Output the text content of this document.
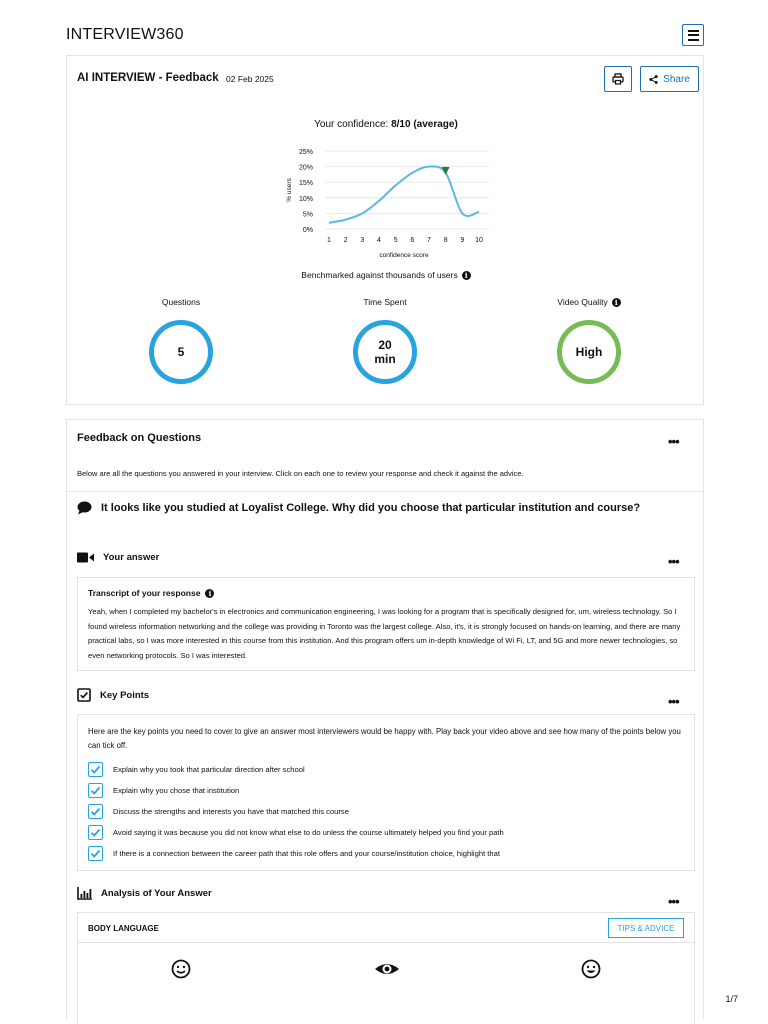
INTERVIEW360
AI INTERVIEW - Feedback 02 Feb 2025	Share
Your confidence: 8/10 (average)
0%
5%
10%
15%
20%
25%
1 2 3 4 5 6 7 8 9 10
confidence score
% users
Benchmarked against thousands of users	i
Questions
5
Time Spent
20
min
Video Quality	i
High
Feedback on Questions	•••
Below are all the questions you answered in your interview. Click on each one to review your response and check it against the advice.
It looks like you studied at Loyalist College. Why did you choose that particular institution and course?
Your answer	•••
Transcript of your response	i
Yeah, when I completed my bachelor's in electronics and communication engineering, I was looking for a program that is specifically designed for, um, wireless technology. So I found wireless information networking and the college was providing in Toronto was the largest college. Also, it's, it is strongly focused on hands-on learning, and there are many practical labs, so I was more interested in this course from this institution. And this program offers um in-depth knowledge of Wi Fi, LT, and 5G and more newer technologies, so even networking protocols. So I was interested.
Key Points	•••
Here are the key points you need to cover to give an answer most interviewers would be happy with. Play back your video above and see how many of the points below you can tick off.
Explain why you took that particular direction after school
Explain why you chose that institution
Discuss the strengths and interests you have that matched this course
Avoid saying it was because you did not know what else to do unless the course ultimately helped you find your path
If there is a connection between the career path that this role offers and your course/institution choice, highlight that
Analysis of Your Answer
•••
BODY LANGUAGE	TIPS & ADVICE
1/7
